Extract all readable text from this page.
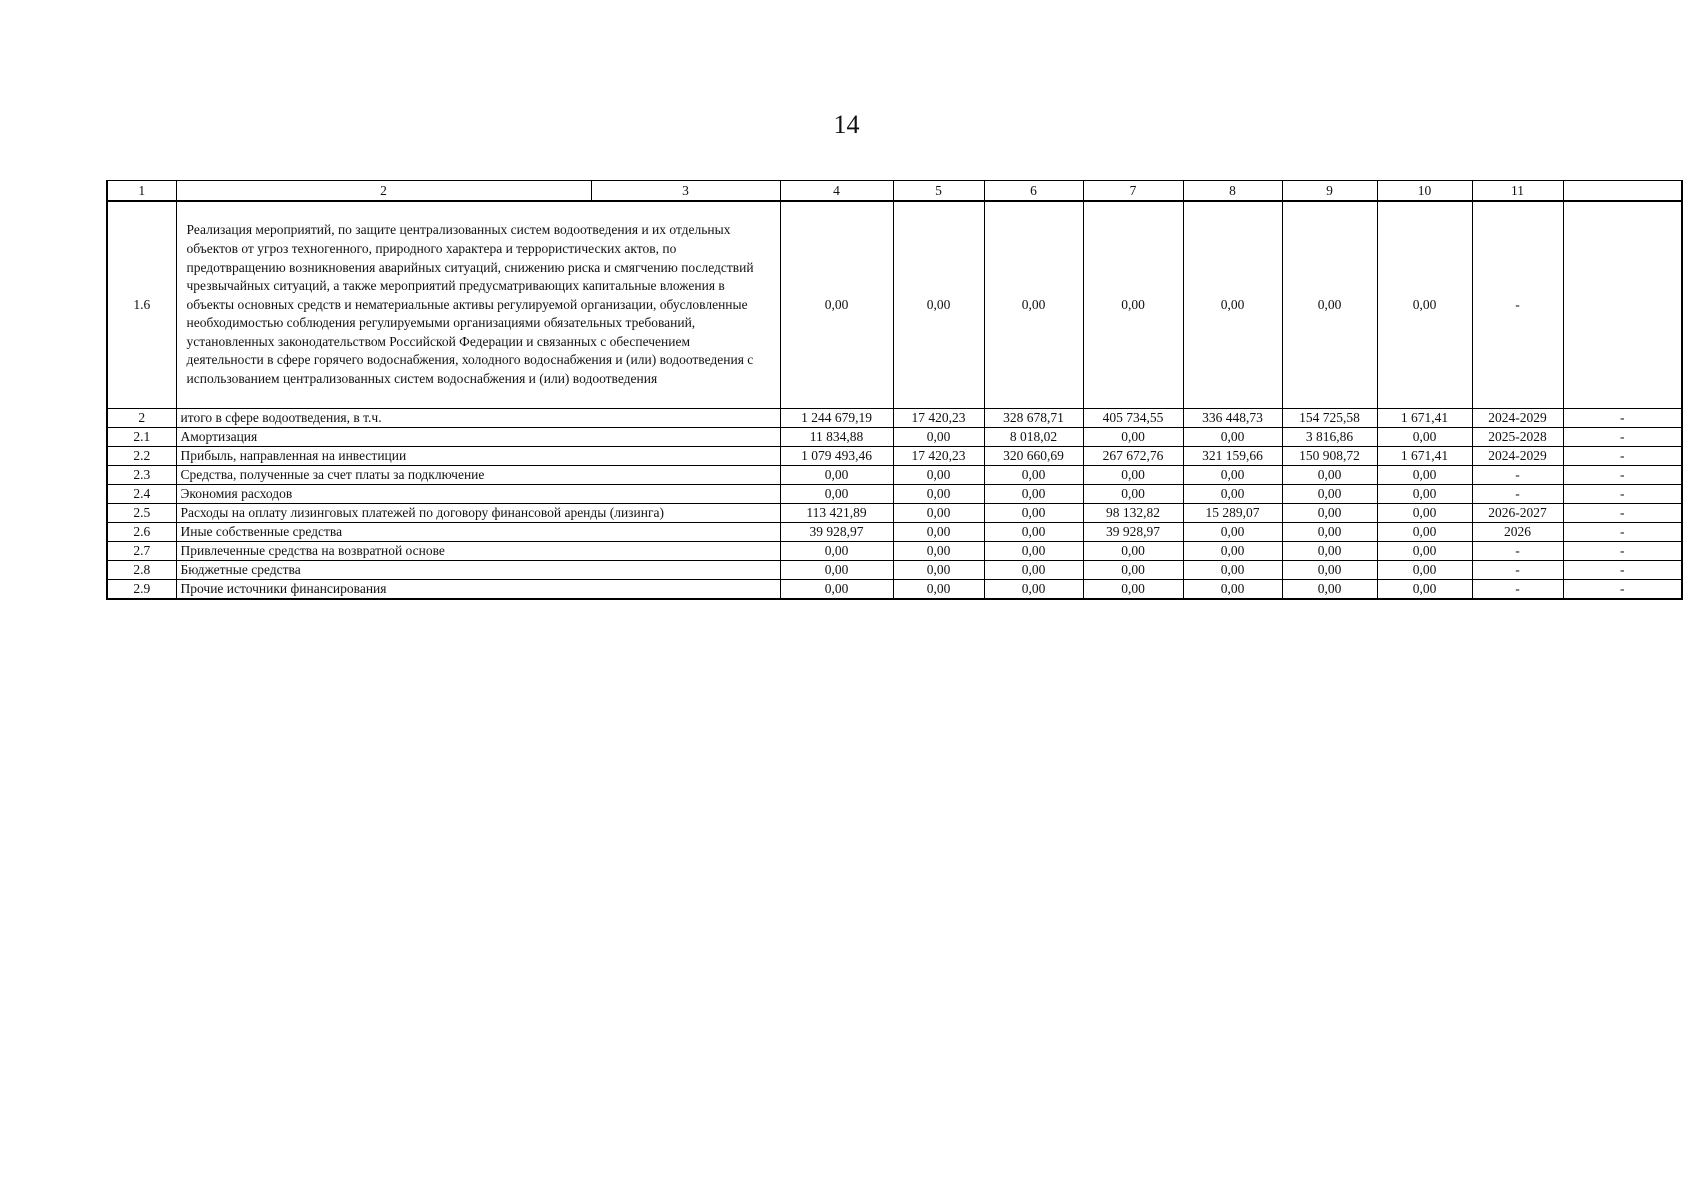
14
1	2	3	4	5	6	7	8	9	10	11	
1.6	Реализация мероприятий, по защите централизованных систем водоотведения и их отдельных объектов от угроз техногенного, природного характера и террористических актов, по предотвращению возникновения аварийных ситуаций, снижению риска и смягчению последствий чрезвычайных ситуаций, а также мероприятий предусматривающих капитальные вложения в объекты основных средств и нематериальные активы регулируемой организации, обусловленные необходимостью соблюдения регулируемыми организациями обязательных требований, установленных законодательством Российской Федерации и связанных с обеспечением деятельности в сфере горячего водоснабжения, холодного водоснабжения и (или) водоотведения с использованием централизованных систем водоснабжения и (или) водоотведения		0,00	0,00	0,00	0,00	0,00	0,00	0,00	-	
2	итого в сфере водоотведения, в т.ч.		1 244 679,19	17 420,23	328 678,71	405 734,55	336 448,73	154 725,58	1 671,41	2024-2029	-
2.1	Амортизация		11 834,88	0,00	8 018,02	0,00	0,00	3 816,86	0,00	2025-2028	-
2.2	Прибыль, направленная на инвестиции		1 079 493,46	17 420,23	320 660,69	267 672,76	321 159,66	150 908,72	1 671,41	2024-2029	-
2.3	Средства, полученные за счет платы за подключение		0,00	0,00	0,00	0,00	0,00	0,00	0,00	-	-
2.4	Экономия расходов		0,00	0,00	0,00	0,00	0,00	0,00	0,00	-	-
2.5	Расходы на оплату лизинговых платежей по договору финансовой аренды (лизинга)		113 421,89	0,00	0,00	98 132,82	15 289,07	0,00	0,00	2026-2027	-
2.6	Иные собственные средства		39 928,97	0,00	0,00	39 928,97	0,00	0,00	0,00	2026	-
2.7	Привлеченные средства на возвратной основе		0,00	0,00	0,00	0,00	0,00	0,00	0,00	-	-
2.8	Бюджетные средства		0,00	0,00	0,00	0,00	0,00	0,00	0,00	-	-
2.9	Прочие источники финансирования		0,00	0,00	0,00	0,00	0,00	0,00	0,00	-	-
